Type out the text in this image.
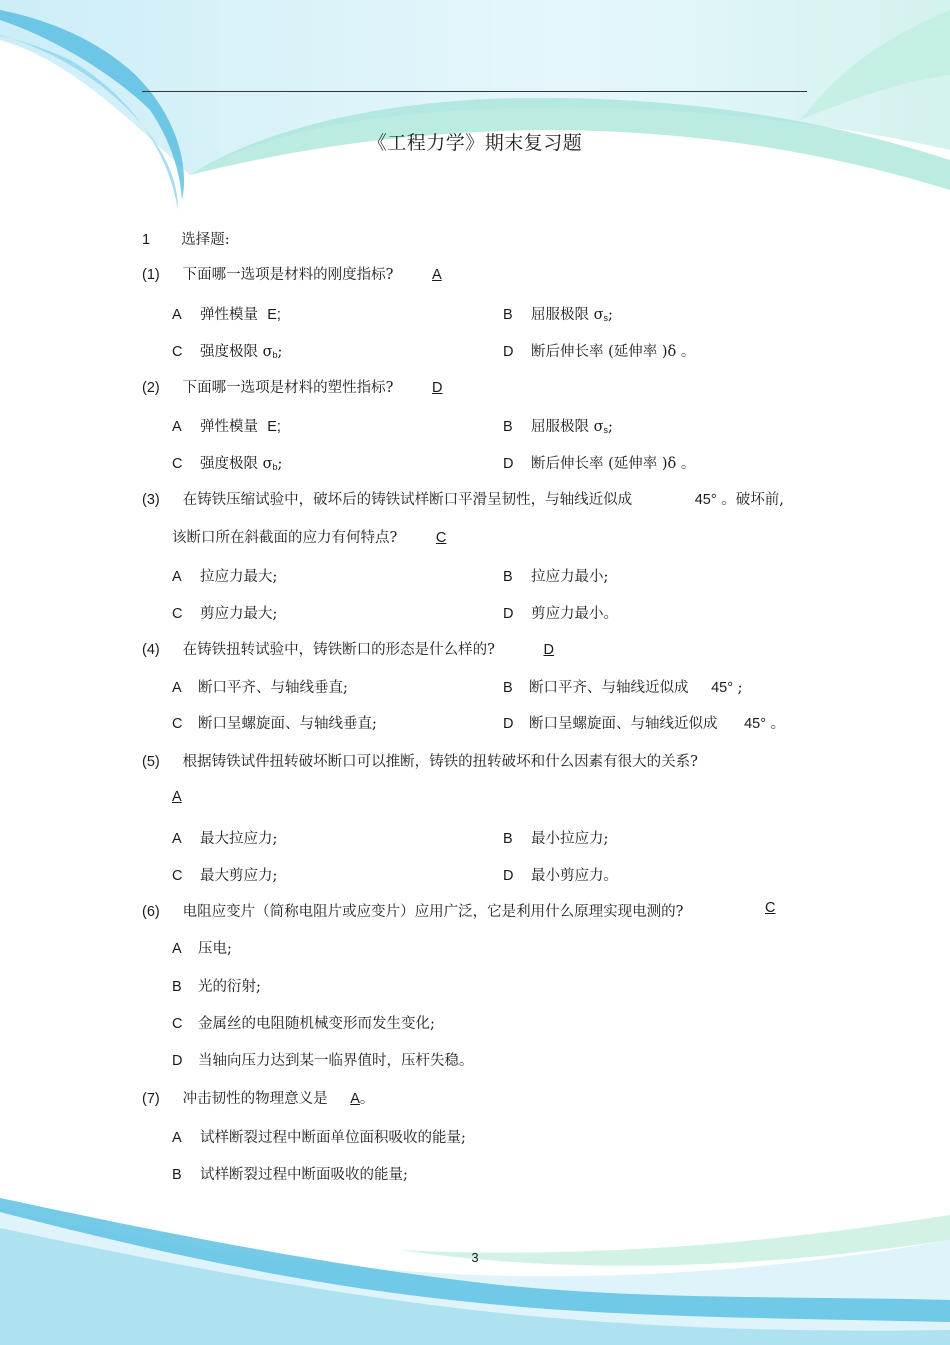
《工程力学》期末复习题
1 选择题:
(1) 下面哪一选项是材料的刚度指标?	A
A 弹性模量 E;	B 屈服极限 $\sigma_s$;
C 强度极限 $\sigma_b$;	D 断后伸长率 (延伸率 )δ 。
(2) 下面哪一选项是材料的塑性指标?	D
A 弹性模量 E;	B 屈服极限 $\sigma_s$;
C 强度极限 $\sigma_b$;	D 断后伸长率 (延伸率 )δ 。
(3) 在铸铁压缩试验中，破坏后的铸铁试样断口平滑呈韧性，与轴线近似成	45° 。破坏前,
该断口所在斜截面的应力有何特点?	C
A 拉应力最大;	B 拉应力最小;
C 剪应力最大;	D 剪应力最小。
(4) 在铸铁扭转试验中，铸铁断口的形态是什么样的?	D
A 断口平齐、与轴线垂直;	B 断口平齐、与轴线近似成 45° ;
C 断口呈螺旋面、与轴线垂直;	D 断口呈螺旋面、与轴线近似成 45° 。
(5) 根据铸铁试件扭转破坏断口可以推断，铸铁的扭转破坏和什么因素有很大的关系?
A
A 最大拉应力;	B 最小拉应力;
C 最大剪应力;	D 最小剪应力。
(6) 电阻应变片（简称电阻片或应变片）应用广泛，它是利用什么原理实现电测的?	C
A 压电;
B 光的衍射;
C 金属丝的电阻随机械变形而发生变化;
D 当轴向压力达到某一临界值时，压杆失稳。
(7) 冲击韧性的物理意义是 A。
A 试样断裂过程中断面单位面积吸收的能量;
B 试样断裂过程中断面吸收的能量;
3
